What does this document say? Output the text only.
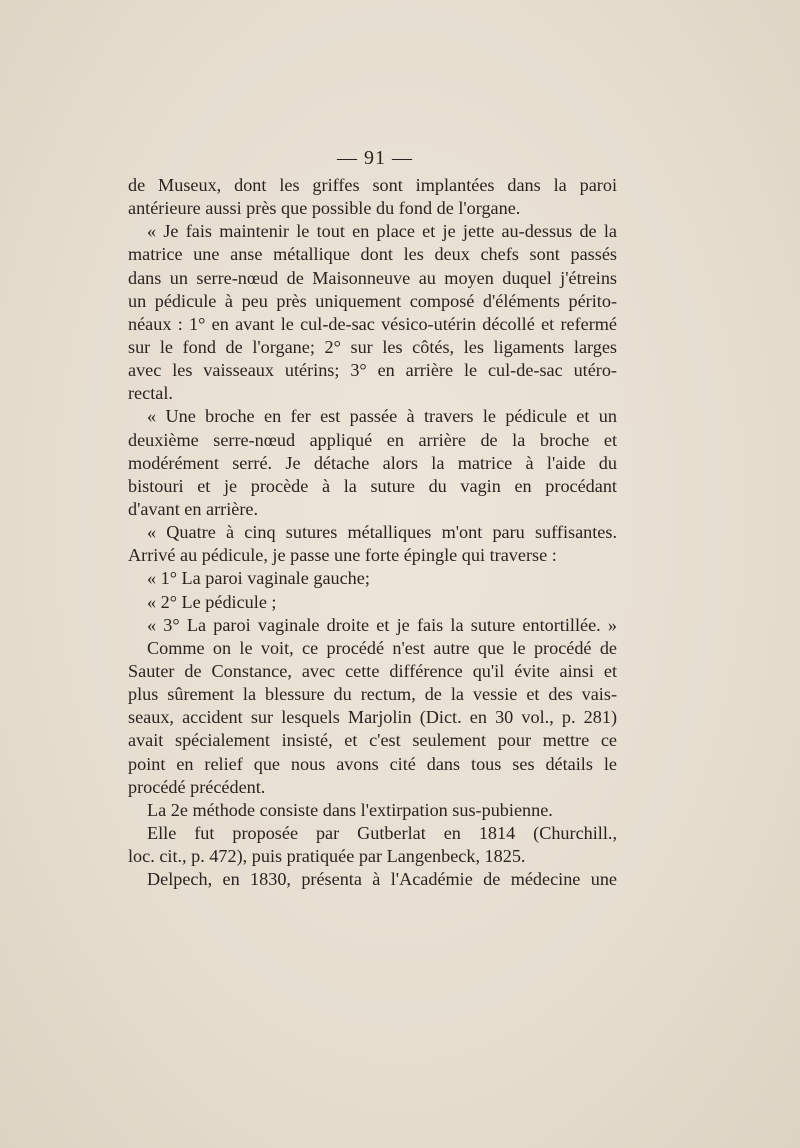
— 91 —
de Museux, dont les griffes sont implantées dans la paroi
antérieure aussi près que possible du fond de l'organe.
« Je fais maintenir le tout en place et je jette au-dessus de la
matrice une anse métallique dont les deux chefs sont passés
dans un serre-nœud de Maisonneuve au moyen duquel j'étreins
un pédicule à peu près uniquement composé d'éléments périto-
néaux : 1° en avant le cul-de-sac vésico-utérin décollé et refermé
sur le fond de l'organe; 2° sur les côtés, les ligaments larges
avec les vaisseaux utérins; 3° en arrière le cul-de-sac utéro-
rectal.
« Une broche en fer est passée à travers le pédicule et un
deuxième serre-nœud appliqué en arrière de la broche et
modérément serré. Je détache alors la matrice à l'aide du
bistouri et je procède à la suture du vagin en procédant
d'avant en arrière.
« Quatre à cinq sutures métalliques m'ont paru suffisantes.
Arrivé au pédicule, je passe une forte épingle qui traverse :
« 1° La paroi vaginale gauche;
« 2° Le pédicule ;
« 3° La paroi vaginale droite et je fais la suture entortillée. »
Comme on le voit, ce procédé n'est autre que le procédé de
Sauter de Constance, avec cette différence qu'il évite ainsi et
plus sûrement la blessure du rectum, de la vessie et des vais-
seaux, accident sur lesquels Marjolin (Dict. en 30 vol., p. 281)
avait spécialement insisté, et c'est seulement pour mettre ce
point en relief que nous avons cité dans tous ses détails le
procédé précédent.
La 2e méthode consiste dans l'extirpation sus-pubienne.
Elle fut proposée par Gutberlat en 1814 (Churchill.,
loc. cit., p. 472), puis pratiquée par Langenbeck, 1825.
Delpech, en 1830, présenta à l'Académie de médecine une
